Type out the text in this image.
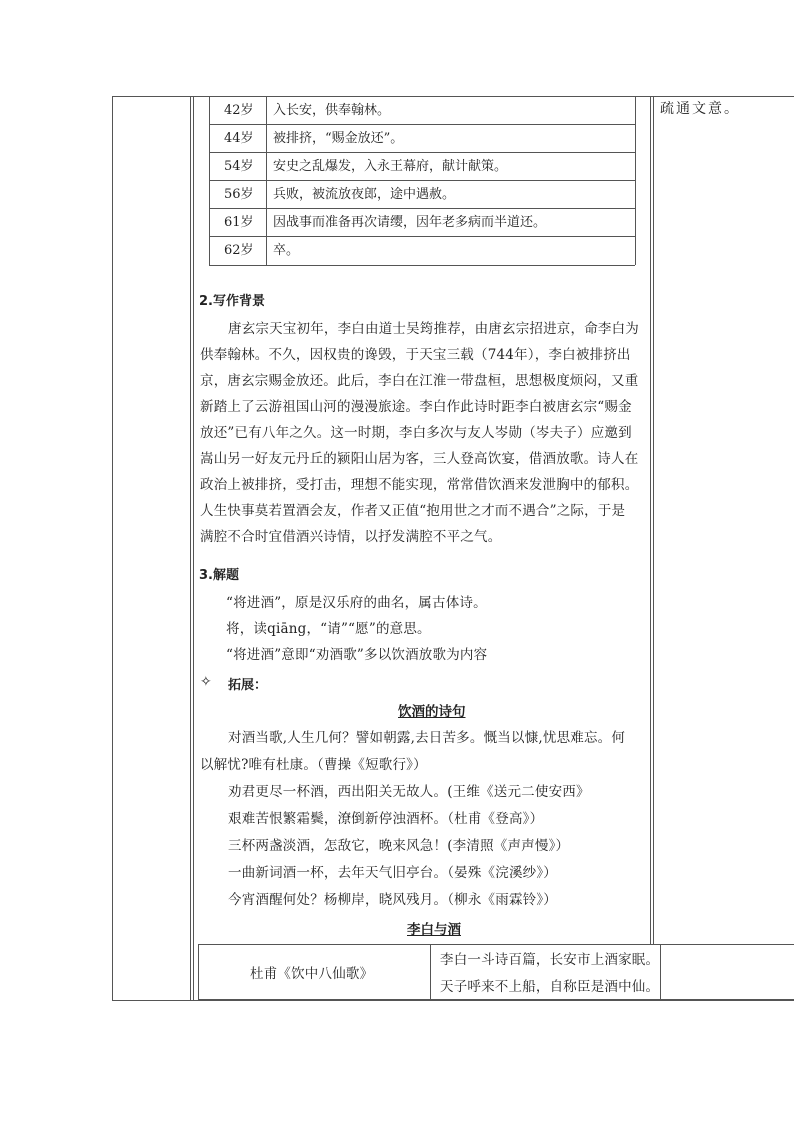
疏通文意。
42岁 入长安，供奉翰林。
44岁 被排挤，“赐金放还”。
54岁 安史之乱爆发，入永王幕府，献计献策。
56岁 兵败，被流放夜郎，途中遇赦。
61岁 因战事而准备再次请缨，因年老多病而半道还。
62岁 卒。
2.写作背景
唐玄宗天宝初年，李白由道士吴筠推荐，由唐玄宗招进京，命李白为
供奉翰林。不久，因权贵的谗毁，于天宝三载（744年），李白被排挤出
京，唐玄宗赐金放还。此后，李白在江淮一带盘桓，思想极度烦闷，又重
新踏上了云游祖国山河的漫漫旅途。李白作此诗时距李白被唐玄宗“赐金
放还”已有八年之久。这一时期，李白多次与友人岑勋（岑夫子）应邀到
嵩山另一好友元丹丘的颍阳山居为客，三人登高饮宴，借酒放歌。诗人在
政治上被排挤，受打击，理想不能实现，常常借饮酒来发泄胸中的郁积。
人生快事莫若置酒会友，作者又正值“抱用世之才而不遇合”之际，于是
满腔不合时宜借酒兴诗情，以抒发满腔不平之气。
3.解题
“将进酒”，原是汉乐府的曲名，属古体诗。
将，读qiāng，“请”“愿”的意思。
“将进酒”意即“劝酒歌”多以饮酒放歌为内容
✧ 拓展：
饮酒的诗句
对酒当歌,人生几何？譬如朝露,去日苦多。慨当以慷,忧思难忘。何
以解忧?唯有杜康。（曹操《短歌行》）
劝君更尽一杯酒，西出阳关无故人。(王维《送元二使安西》
艰难苦恨繁霜鬓，潦倒新停浊酒杯。（杜甫《登高》）
三杯两盏淡酒，怎敌它，晚来风急！(李清照《声声慢》）
一曲新词酒一杯，去年天气旧亭台。（晏殊《浣溪纱》）
今宵酒醒何处？杨柳岸，晓风残月。（柳永《雨霖铃》）
李白与酒
杜甫《饮中八仙歌》
李白一斗诗百篇，长安市上酒家眠。
天子呼来不上船，自称臣是酒中仙。
